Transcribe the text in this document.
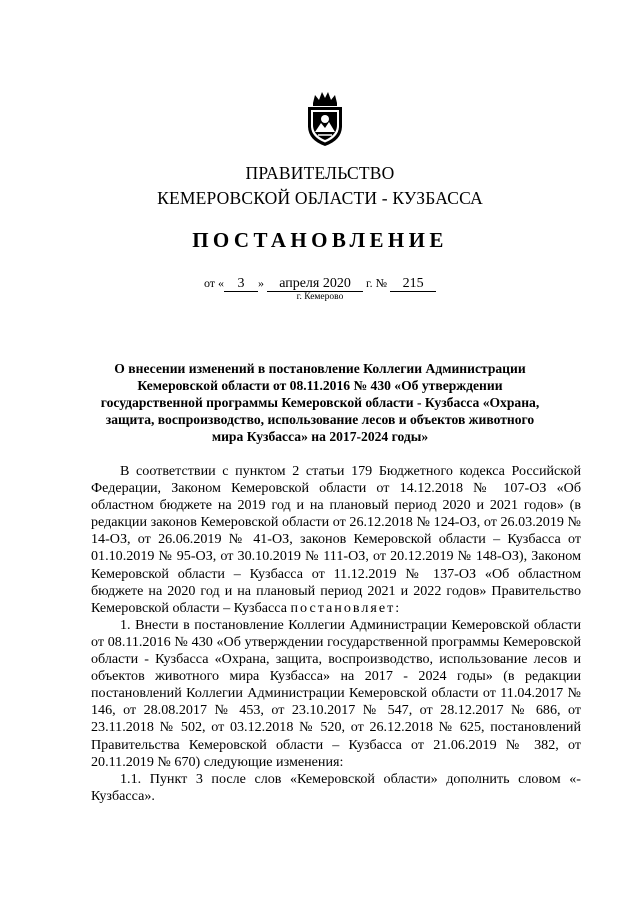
ПРАВИТЕЛЬСТВО
КЕМЕРОВСКОЙ ОБЛАСТИ - КУЗБАССА
ПОСТАНОВЛЕНИЕ
от « 3 » апреля 2020 г. № 215
г. Кемерово
О внесении изменений в постановление Коллегии Администрации Кемеровской области от 08.11.2016 № 430 «Об утверждении государственной программы Кемеровской области - Кузбасса «Охрана, защита, воспроизводство, использование лесов и объектов животного мира Кузбасса» на 2017-2024 годы»

В соответствии с пунктом 2 статьи 179 Бюджетного кодекса Российской Федерации, Законом Кемеровской области от 14.12.2018 № 107-ОЗ «Об областном бюджете на 2019 год и на плановый период 2020 и 2021 годов» (в редакции законов Кемеровской области от 26.12.2018 № 124-ОЗ, от 26.03.2019 № 14-ОЗ, от 26.06.2019 № 41-ОЗ, законов Кемеровской области – Кузбасса от 01.10.2019 № 95-ОЗ, от 30.10.2019 № 111-ОЗ, от 20.12.2019 № 148-ОЗ), Законом Кемеровской области – Кузбасса от 11.12.2019 № 137-ОЗ «Об областном бюджете на 2020 год и на плановый период 2021 и 2022 годов» Правительство Кемеровской области – Кузбасса постановляет:

1. Внести в постановление Коллегии Администрации Кемеровской области от 08.11.2016 № 430 «Об утверждении государственной программы Кемеровской области - Кузбасса «Охрана, защита, воспроизводство, использование лесов и объектов животного мира Кузбасса» на 2017 - 2024 годы» (в редакции постановлений Коллегии Администрации Кемеровской области от 11.04.2017 № 146, от 28.08.2017 № 453, от 23.10.2017 № 547, от 28.12.2017 № 686, от 23.11.2018 № 502, от 03.12.2018 № 520, от 26.12.2018 № 625, постановлений Правительства Кемеровской области – Кузбасса от 21.06.2019 № 382, от 20.11.2019 № 670) следующие изменения:

1.1. Пункт 3 после слов «Кемеровской области» дополнить словом «- Кузбасса».
